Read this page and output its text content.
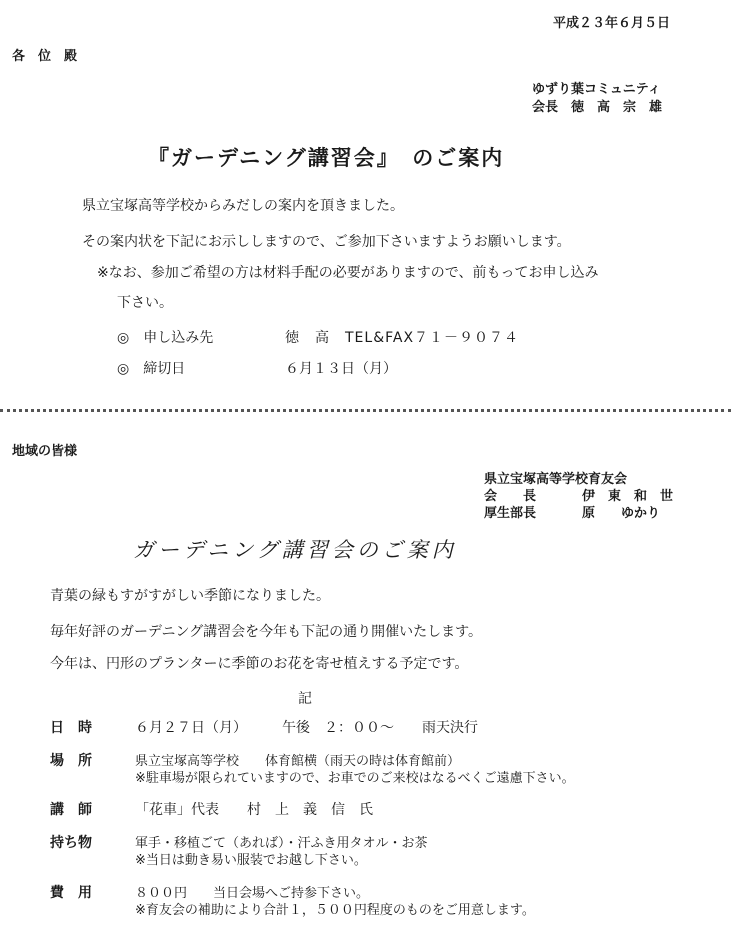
平成２３年６月５日
各　位　殿
ゆずり葉コミュニティ
会長　徳　高　宗　雄
『ガーデニング講習会』　のご案内
県立宝塚高等学校からみだしの案内を頂きました。
その案内状を下記にお示ししますので、ご参加下さいますようお願いします。
※なお、参加ご希望の方は材料手配の必要がありますので、前もってお申し込み
下さい。
◎　申し込み先	徳　高　TEL&FAX７１－９０７４
◎　締切日	６月１３日（月）
地域の皆様
県立宝塚高等学校育友会
会　　長	伊　東　和　世
厚生部長	原　　ゆかり
ガーデニング講習会のご案内
青葉の緑もすがすがしい季節になりました。
毎年好評のガーデニング講習会を今年も下記の通り開催いたします。
今年は、円形のプランターに季節のお花を寄せ植えする予定です。
記
日　時	６月２７日（月）　　　午後　２：００～　　雨天決行
場　所	県立宝塚高等学校　　体育館横（雨天の時は体育館前）
※駐車場が限られていますので、お車でのご来校はなるべくご遠慮下さい。
講　師	「花車」代表　　村　上　義　信　氏
持ち物	軍手・移植ごて（あれば）・汗ふき用タオル・お茶
※当日は動き易い服装でお越し下さい。
費　用	８００円　　当日会場へご持参下さい。
※育友会の補助により合計１，５００円程度のものをご用意します。
